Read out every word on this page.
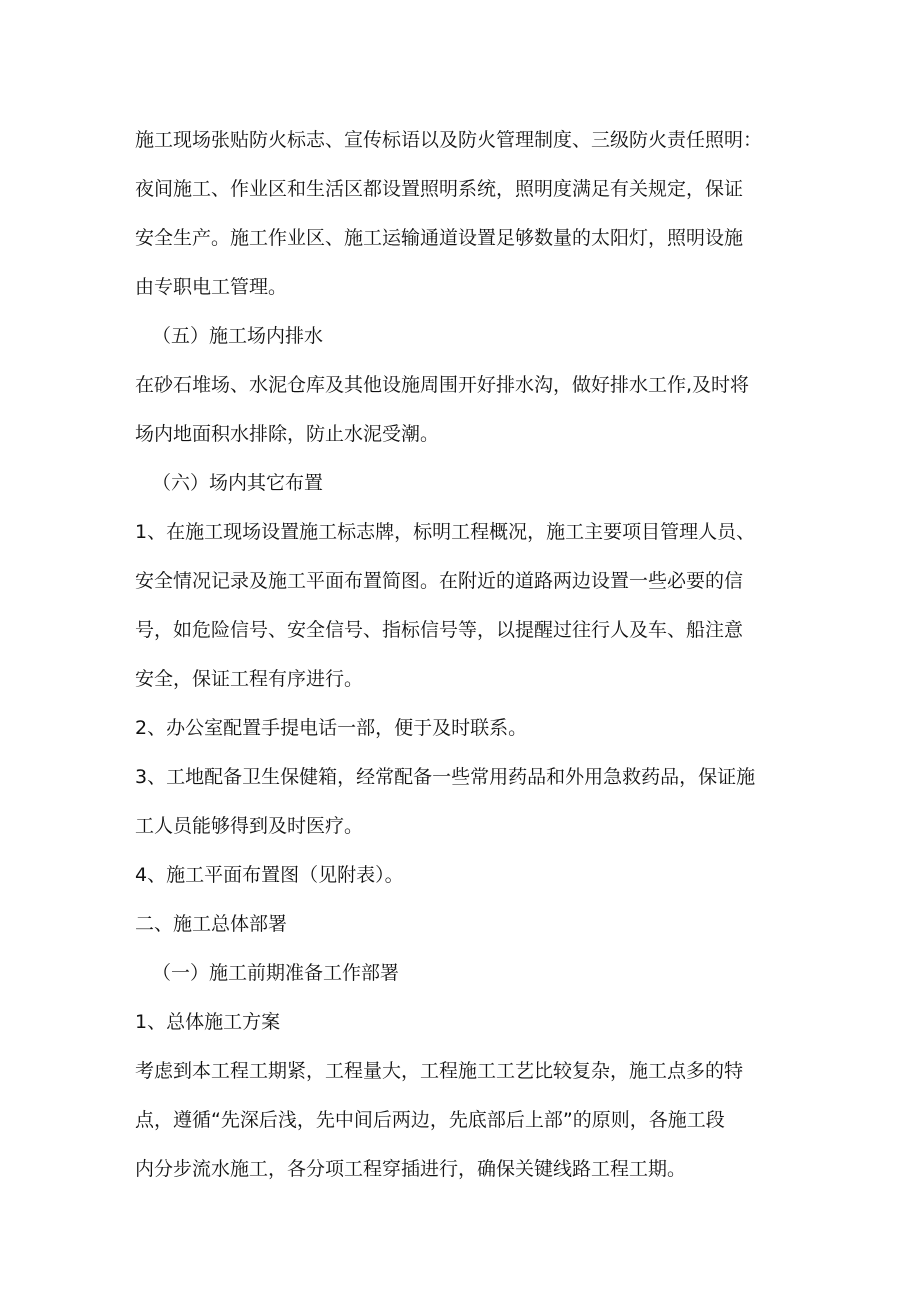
施工现场张贴防火标志、宣传标语以及防火管理制度、三级防火责任照明：
夜间施工、作业区和生活区都设置照明系统，照明度满足有关规定，保证
安全生产。施工作业区、施工运输通道设置足够数量的太阳灯，照明设施
由专职电工管理。
（五）施工场内排水
在砂石堆场、水泥仓库及其他设施周围开好排水沟，做好排水工作,及时将
场内地面积水排除，防止水泥受潮。
（六）场内其它布置
1、在施工现场设置施工标志牌，标明工程概况，施工主要项目管理人员、
安全情况记录及施工平面布置简图。在附近的道路两边设置一些必要的信
号，如危险信号、安全信号、指标信号等，以提醒过往行人及车、船注意
安全，保证工程有序进行。
2、办公室配置手提电话一部，便于及时联系。
3、工地配备卫生保健箱，经常配备一些常用药品和外用急救药品，保证施
工人员能够得到及时医疗。
4、施工平面布置图（见附表）。
二、施工总体部署
（一）施工前期准备工作部署
1、总体施工方案
考虑到本工程工期紧，工程量大，工程施工工艺比较复杂，施工点多的特
点，遵循“先深后浅，先中间后两边，先底部后上部”的原则，各施工段
内分步流水施工，各分项工程穿插进行，确保关键线路工程工期。
